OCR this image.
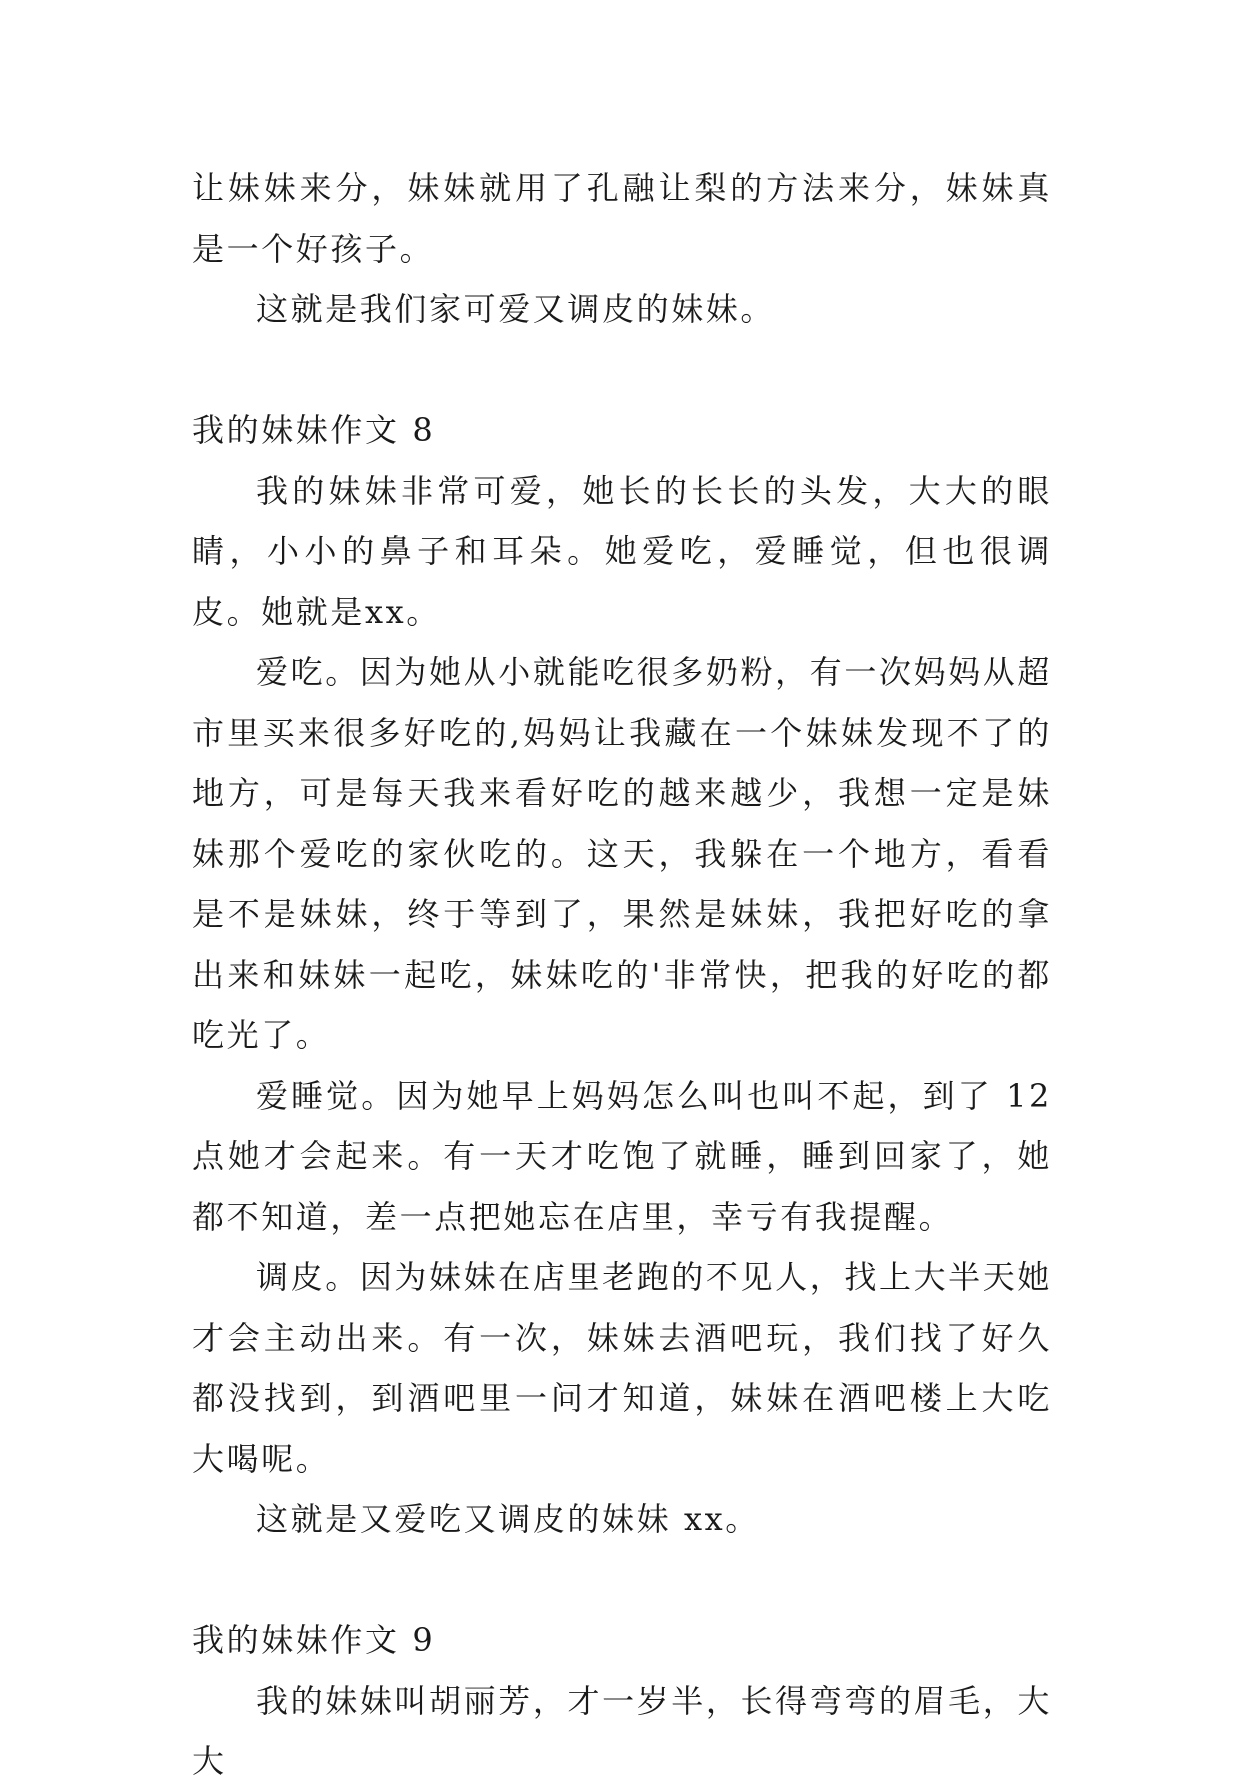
让妹妹来分，妹妹就用了孔融让梨的方法来分，妹妹真是一个好孩子。

这就是我们家可爱又调皮的妹妹。

我的妹妹作文 8

我的妹妹非常可爱，她长的长长的头发，大大的眼睛，小小的鼻子和耳朵。她爱吃，爱睡觉，但也很调皮。她就是xx。

爱吃。因为她从小就能吃很多奶粉，有一次妈妈从超市里买来很多好吃的,妈妈让我藏在一个妹妹发现不了的地方，可是每天我来看好吃的越来越少，我想一定是妹妹那个爱吃的家伙吃的。这天，我躲在一个地方，看看是不是妹妹，终于等到了，果然是妹妹，我把好吃的拿出来和妹妹一起吃，妹妹吃的'非常快，把我的好吃的都吃光了。

爱睡觉。因为她早上妈妈怎么叫也叫不起，到了 12 点她才会起来。有一天才吃饱了就睡，睡到回家了，她都不知道，差一点把她忘在店里，幸亏有我提醒。

调皮。因为妹妹在店里老跑的不见人，找上大半天她才会主动出来。有一次，妹妹去酒吧玩，我们找了好久都没找到，到酒吧里一问才知道，妹妹在酒吧楼上大吃大喝呢。

这就是又爱吃又调皮的妹妹 xx。

我的妹妹作文 9

我的妹妹叫胡丽芳，才一岁半，长得弯弯的眉毛，大大
